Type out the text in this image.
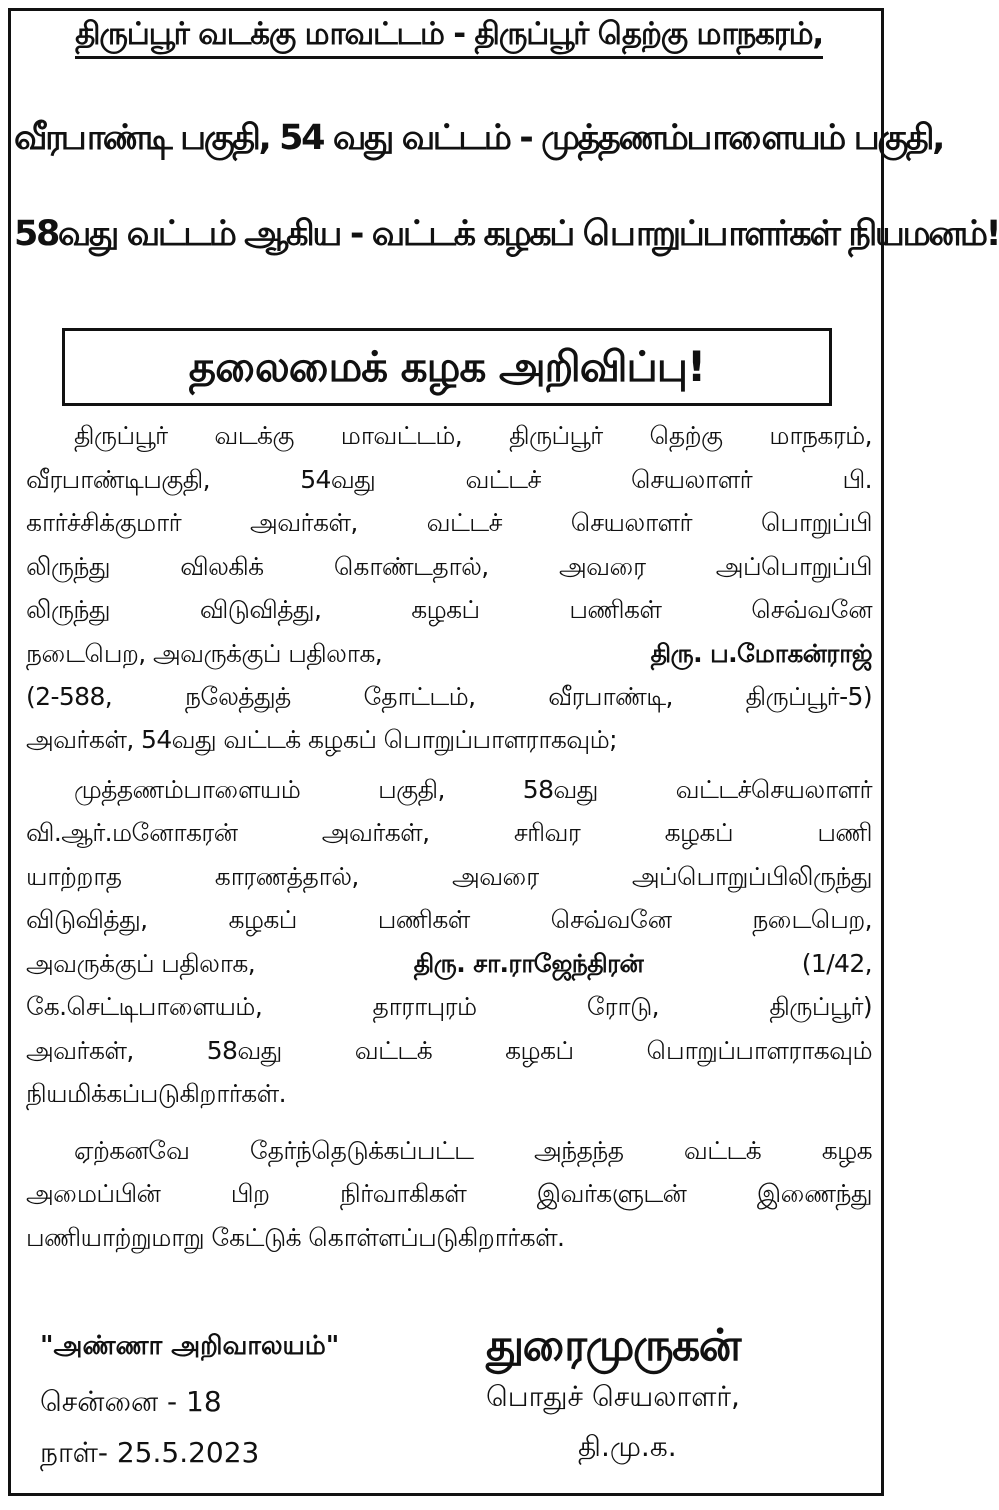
திருப்பூர் வடக்கு மாவட்டம் - திருப்பூர் தெற்கு மாநகரம்,
வீரபாண்டி பகுதி, 54 வது வட்டம் - முத்தணம்பாளையம் பகுதி,
58வது வட்டம் ஆகிய - வட்டக் கழகப் பொறுப்பாளர்கள் நியமனம்!
தலைமைக் கழக அறிவிப்பு!
திருப்பூர் வடக்கு மாவட்டம், திருப்பூர் தெற்கு மாநகரம்,
வீரபாண்டிபகுதி, 54வது வட்டச் செயலாளர் பி.
கார்ச்சிக்குமார் அவர்கள், வட்டச் செயலாளர் பொறுப்பி
லிருந்து விலகிக் கொண்டதால், அவரை அப்பொறுப்பி
லிருந்து விடுவித்து, கழகப் பணிகள் செவ்வனே
நடைபெற, அவருக்குப் பதிலாக,	திரு. ப.மோகன்ராஜ்
(2-588, நலேத்துத் தோட்டம், வீரபாண்டி, திருப்பூர்-5)
அவர்கள், 54வது வட்டக் கழகப் பொறுப்பாளராகவும்;
முத்தணம்பாளையம் பகுதி, 58வது வட்டச்செயலாளர்
வி.ஆர்.மனோகரன் அவர்கள், சரிவர கழகப் பணி
யாற்றாத காரணத்தால், அவரை அப்பொறுப்பிலிருந்து
விடுவித்து, கழகப் பணிகள் செவ்வனே நடைபெற,
அவருக்குப் பதிலாக,	திரு. சா.ராஜேந்திரன்	(1/42,
கே.செட்டிபாளையம், தாராபுரம் ரோடு, திருப்பூர்)
அவர்கள், 58வது வட்டக் கழகப் பொறுப்பாளராகவும்
நியமிக்கப்படுகிறார்கள்.
ஏற்கனவே தேர்ந்தெடுக்கப்பட்ட அந்தந்த வட்டக் கழக
அமைப்பின் பிற நிர்வாகிகள் இவர்களுடன் இணைந்து
பணியாற்றுமாறு கேட்டுக் கொள்ளப்படுகிறார்கள்.
"அண்ணா அறிவாலயம்"
சென்னை - 18
நாள்- 25.5.2023
துரைமுருகன்
பொதுச் செயலாளர்,
தி.மு.க.
